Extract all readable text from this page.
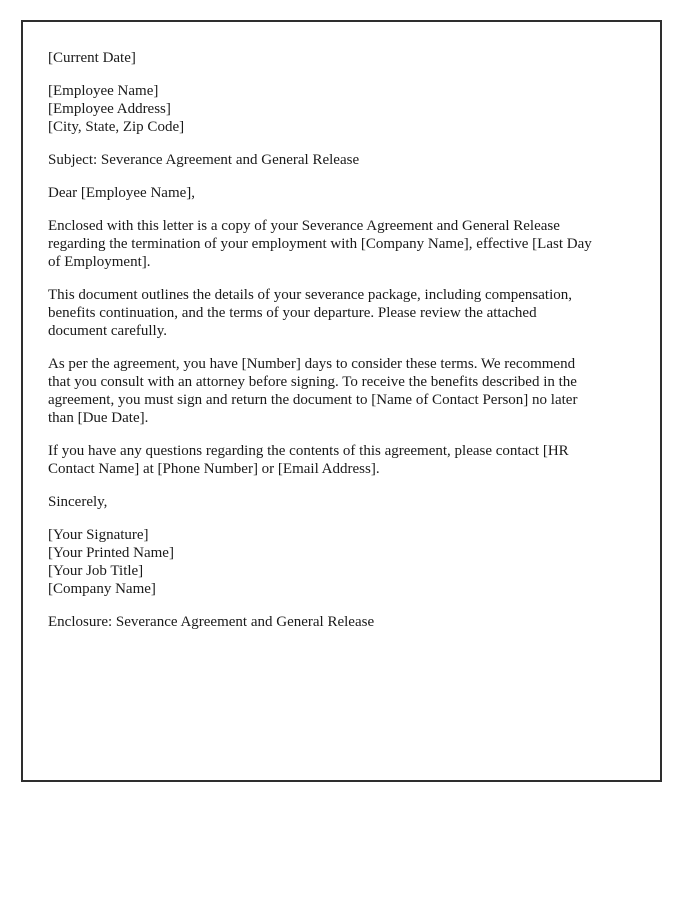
[Current Date]
[Employee Name]
[Employee Address]
[City, State, Zip Code]
Subject: Severance Agreement and General Release
Dear [Employee Name],
Enclosed with this letter is a copy of your Severance Agreement and General Release
regarding the termination of your employment with [Company Name], effective [Last Day
of Employment].
This document outlines the details of your severance package, including compensation,
benefits continuation, and the terms of your departure. Please review the attached
document carefully.
As per the agreement, you have [Number] days to consider these terms. We recommend
that you consult with an attorney before signing. To receive the benefits described in the
agreement, you must sign and return the document to [Name of Contact Person] no later
than [Due Date].
If you have any questions regarding the contents of this agreement, please contact [HR
Contact Name] at [Phone Number] or [Email Address].
Sincerely,
[Your Signature]
[Your Printed Name]
[Your Job Title]
[Company Name]
Enclosure: Severance Agreement and General Release
